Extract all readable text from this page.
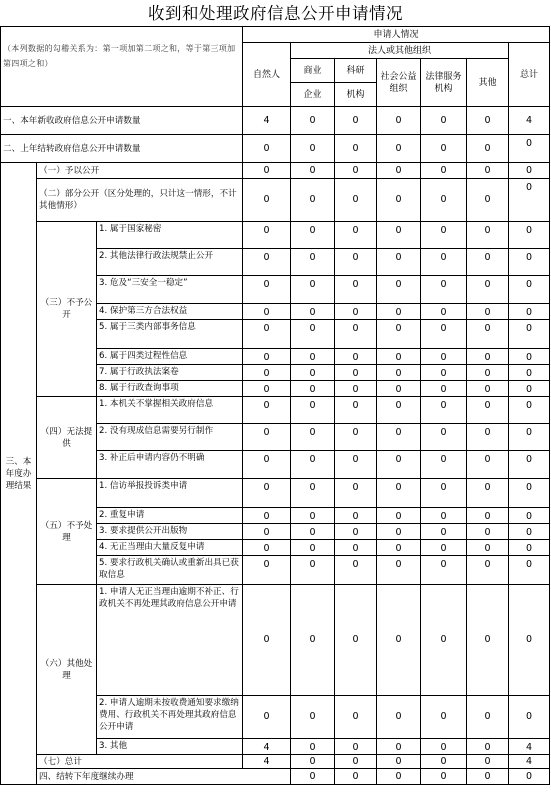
收到和处理政府信息公开申请情况
（本列数据的勾稽关系为：第一项加第二项之和，等于第三项加第四项之和）			申请人情况							
			自然人	法人或其他组织					总计	
				商业	科研	社会公益组织	法律服务机构	其他		
				企业	机构					
一、本年新收政府信息公开申请数量			4	0	0	0	0	0	4	
二、上年结转政府信息公开申请数量			0	0	0	0	0	0	0	
三、本年度办理结果	（一）予以公开		0	0	0	0	0	0	0	
	（二）部分公开（区分处理的，只计这一情形，不计其他情形）		0	0	0	0	0	0	0	
	（三）不予公开	1. 属于国家秘密	0	0	0	0	0	0	0	
		2. 其他法律行政法规禁止公开	0	0	0	0	0	0	0	
		3. 危及“三安全一稳定”	0	0	0	0	0	0	0	
		4. 保护第三方合法权益	0	0	0	0	0	0	0	
		5. 属于三类内部事务信息	0	0	0	0	0	0	0	
		6. 属于四类过程性信息	0	0	0	0	0	0	0	
		7. 属于行政执法案卷	0	0	0	0	0	0	0	
		8. 属于行政查询事项	0	0	0	0	0	0	0	
	（四）无法提供	1. 本机关不掌握相关政府信息	0	0	0	0	0	0	0	
		2. 没有现成信息需要另行制作	0	0	0	0	0	0	0	
		3. 补正后申请内容仍不明确	0	0	0	0	0	0	0	
	（五）不予处理	1. 信访举报投诉类申请	0	0	0	0	0	0	0	
		2. 重复申请	0	0	0	0	0	0	0	
		3. 要求提供公开出版物	0	0	0	0	0	0	0	
		4. 无正当理由大量反复申请	0	0	0	0	0	0	0	
		5. 要求行政机关确认或重新出具已获取信息	0	0	0	0	0	0	0	
	（六）其他处理	1. 申请人无正当理由逾期不补正、行政机关不再处理其政府信息公开申请	0	0	0	0	0	0	0	
		2. 申请人逾期未按收费通知要求缴纳费用、行政机关不再处理其政府信息公开申请	0	0	0	0	0	0	0	
		3. 其他	4	0	0	0	0	0	4	
	（七）总计		4	0	0	0	0	0	4	
	四、结转下年度继续办理			0	0	0	0	0	0	
